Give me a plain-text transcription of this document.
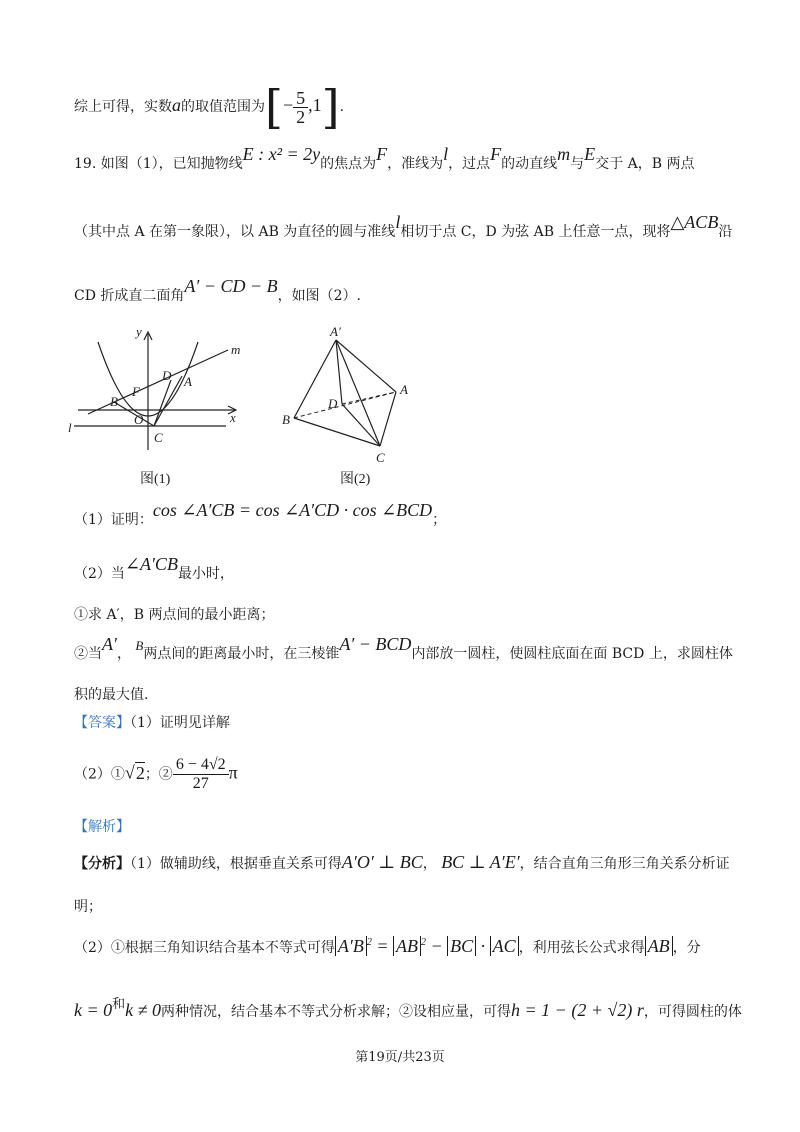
综上可得，实数a的取值范围为[− $\frac{5}{2} ,1$].
19. 如图（1），已知抛物线E : x² = 2y的焦点为F，准线为l，过点F的动直线m与E交于 A，B 两点
（其中点 A 在第一象限），以 AB 为直径的圆与准线l相切于点 C，D 为弦 AB 上任意一点，现将△ACB沿
CD 折成直二面角A′ − CD − B，如图（2）.
y
m
D A
F
B
O	x
l
C
图(1)
A′
A
D
B
C
图(2)
（1）证明：cos ∠A′CB = cos ∠A′CD · cos ∠BCD；
（2）当∠A′CB最小时，
①求 A′，B 两点间的最小距离；
②当A′， B两点间的距离最小时，在三棱锥A′ − BCD内部放一圆柱，使圆柱底面在面 BCD 上，求圆柱体
积的最大值.
【答案】（1）证明见详解
（2）①√2；② $\frac{6 - 4√2}{27}$ π
【解析】
【分析】（1）做辅助线，根据垂直关系可得A′O′ ⊥ BC， BC ⊥ A′E′，结合直角三角形三角关系分析证
明；
（2）①根据三角知识结合基本不等式可得 A′B $^2$ = AB $^2$ − BC · AC ，利用弦长公式求得 AB ，分
k = 0和k ≠ 0两种情况，结合基本不等式分析求解；②设相应量，可得h = 1 − (2 + √2) r，可得圆柱的体
第19页/共23页
